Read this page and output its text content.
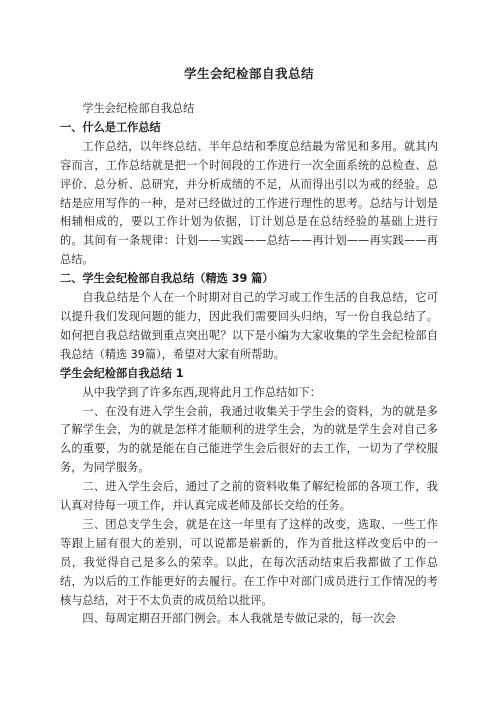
学生会纪检部自我总结

学生会纪检部自我总结

一、什么是工作总结

工作总结，以年终总结、半年总结和季度总结最为常见和多用。就其内容而言，工作总结就是把一个时间段的工作进行一次全面系统的总检查、总评价、总分析、总研究，并分析成绩的不足，从而得出引以为戒的经验。总结是应用写作的一种，是对已经做过的工作进行理性的思考。总结与计划是相辅相成的，要以工作计划为依据，订计划总是在总结经验的基础上进行的。其间有一条规律：计划——实践——总结——再计划——再实践——再总结。

二、学生会纪检部自我总结（精选 39 篇）

自我总结是个人在一个时期对自己的学习或工作生活的自我总结，它可以提升我们发现问题的能力，因此我们需要回头归纳，写一份自我总结了。如何把自我总结做到重点突出呢？以下是小编为大家收集的学生会纪检部自我总结（精选 39篇），希望对大家有所帮助。

学生会纪检部自我总结 1

从中我学到了许多东西,现将此月工作总结如下：

一、在没有进入学生会前，我通过收集关于学生会的资料，为的就是多了解学生会，为的就是怎样才能顺利的进学生会，为的就是学生会对自己多么的重要，为的就是能在自己能进学生会后很好的去工作，一切为了学校服务，为同学服务。

二、进入学生会后，通过了之前的资料收集了解纪检部的各项工作，我认真对待每一项工作，并认真完成老师及部长交给的任务。

三、团总支学生会，就是在这一年里有了这样的改变，选取、一些工作等跟上届有很大的差别，可以说都是崭新的，作为首批这样改变后中的一员，我觉得自己是多么的荣幸。以此，在每次活动结束后我都做了工作总结，为以后的工作能更好的去履行。在工作中对部门成员进行工作情况的考核与总结，对于不太负责的成员给以批评。

四、每周定期召开部门例会。本人我就是专做记录的，每一次会
